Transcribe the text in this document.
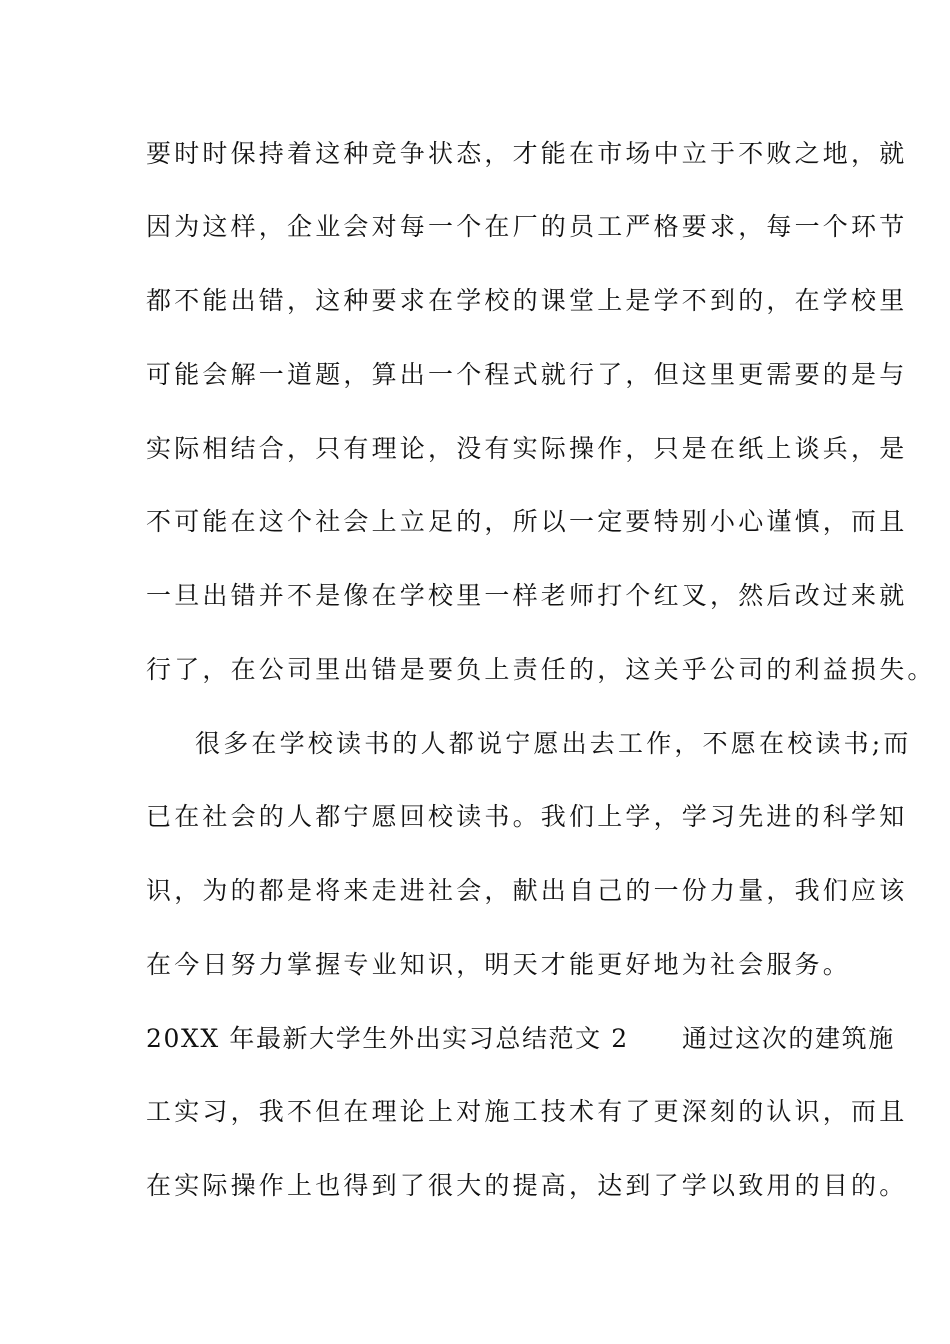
要时时保持着这种竞争状态，才能在市场中立于不败之地，就
因为这样，企业会对每一个在厂的员工严格要求，每一个环节
都不能出错，这种要求在学校的课堂上是学不到的，在学校里
可能会解一道题，算出一个程式就行了，但这里更需要的是与
实际相结合，只有理论，没有实际操作，只是在纸上谈兵，是
不可能在这个社会上立足的，所以一定要特别小心谨慎，而且
一旦出错并不是像在学校里一样老师打个红叉，然后改过来就
行了，在公司里出错是要负上责任的，这关乎公司的利益损失。
很多在学校读书的人都说宁愿出去工作，不愿在校读书;而
已在社会的人都宁愿回校读书。我们上学，学习先进的科学知
识，为的都是将来走进社会，献出自己的一份力量，我们应该
在今日努力掌握专业知识，明天才能更好地为社会服务。
20XX 年最新大学生外出实习总结范文 2　　通过这次的建筑施
工实习，我不但在理论上对施工技术有了更深刻的认识，而且
在实际操作上也得到了很大的提高，达到了学以致用的目的。
